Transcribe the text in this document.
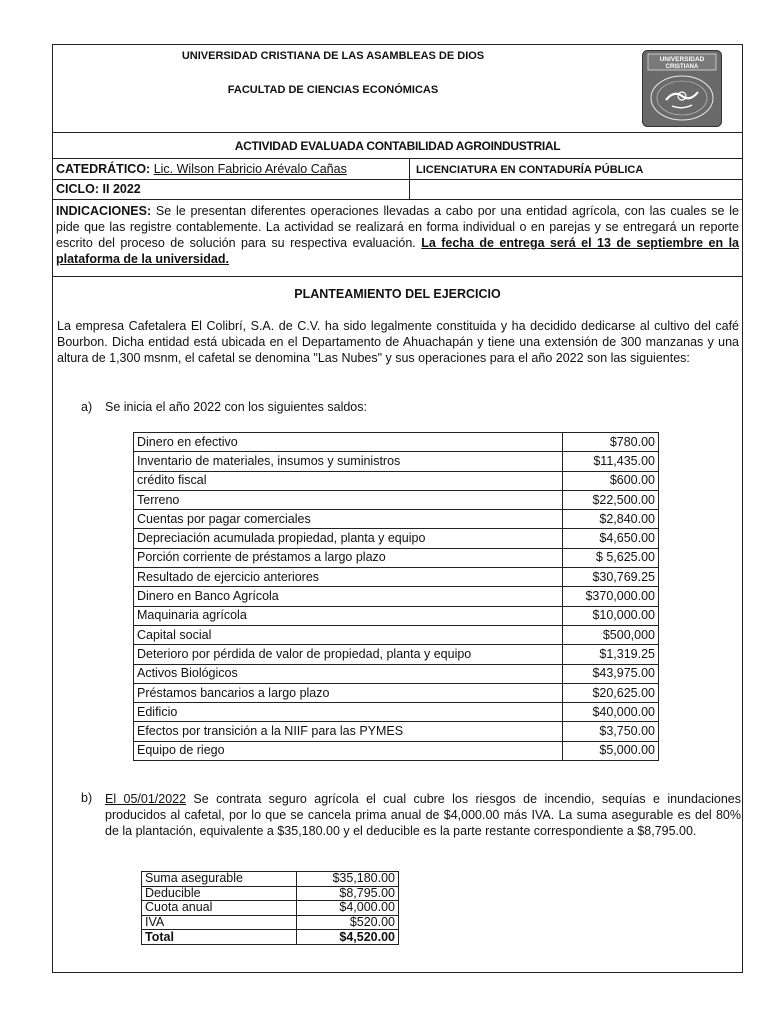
UNIVERSIDAD CRISTIANA DE LAS ASAMBLEAS DE DIOS
FACULTAD DE CIENCIAS ECONÓMICAS
UNIVERSIDAD
CRISTIANA
ACTIVIDAD EVALUADA CONTABILIDAD AGROINDUSTRIAL
CATEDRÁTICO: Lic. Wilson Fabricio Arévalo Cañas	LICENCIATURA EN CONTADURÍA PÚBLICA
CICLO: II 2022

INDICACIONES: Se le presentan diferentes operaciones llevadas a cabo por una entidad agrícola, con las cuales se le pide que las registre contablemente. La actividad se realizará en forma individual o en parejas y se entregará un reporte escrito del proceso de solución para su respectiva evaluación. La fecha de entrega será el 13 de septiembre en la plataforma de la universidad.

PLANTEAMIENTO DEL EJERCICIO

La empresa Cafetalera El Colibrí, S.A. de C.V. ha sido legalmente constituida y ha decidido dedicarse al cultivo del café Bourbon. Dicha entidad está ubicada en el Departamento de Ahuachapán y tiene una extensión de 300 manzanas y una altura de 1,300 msnm, el cafetal se denomina "Las Nubes" y sus operaciones para el año 2022 son las siguientes:

a) Se inicia el año 2022 con los siguientes saldos:
Dinero en efectivo	$780.00
Inventario de materiales, insumos y suministros	$11,435.00
crédito fiscal	$600.00
Terreno	$22,500.00
Cuentas por pagar comerciales	$2,840.00
Depreciación acumulada propiedad, planta y equipo	$4,650.00
Porción corriente de préstamos a largo plazo	$ 5,625.00
Resultado de ejercicio anteriores	$30,769.25
Dinero en Banco Agrícola	$370,000.00
Maquinaria agrícola	$10,000.00
Capital social	$500,000
Deterioro por pérdida de valor de propiedad, planta y equipo	$1,319.25
Activos Biológicos	$43,975.00
Préstamos bancarios a largo plazo	$20,625.00
Edificio	$40,000.00
Efectos por transición a la NIIF para las PYMES	$3,750.00
Equipo de riego	$5,000.00
b) El 05/01/2022 Se contrata seguro agrícola el cual cubre los riesgos de incendio, sequías e inundaciones producidos al cafetal, por lo que se cancela prima anual de $4,000.00 más IVA. La suma asegurable es del 80% de la plantación, equivalente a $35,180.00 y el deducible es la parte restante correspondiente a $8,795.00.

Suma asegurable	$35,180.00
Deducible	$8,795.00
Cuota anual	$4,000.00
IVA	$520.00
Total	$4,520.00
